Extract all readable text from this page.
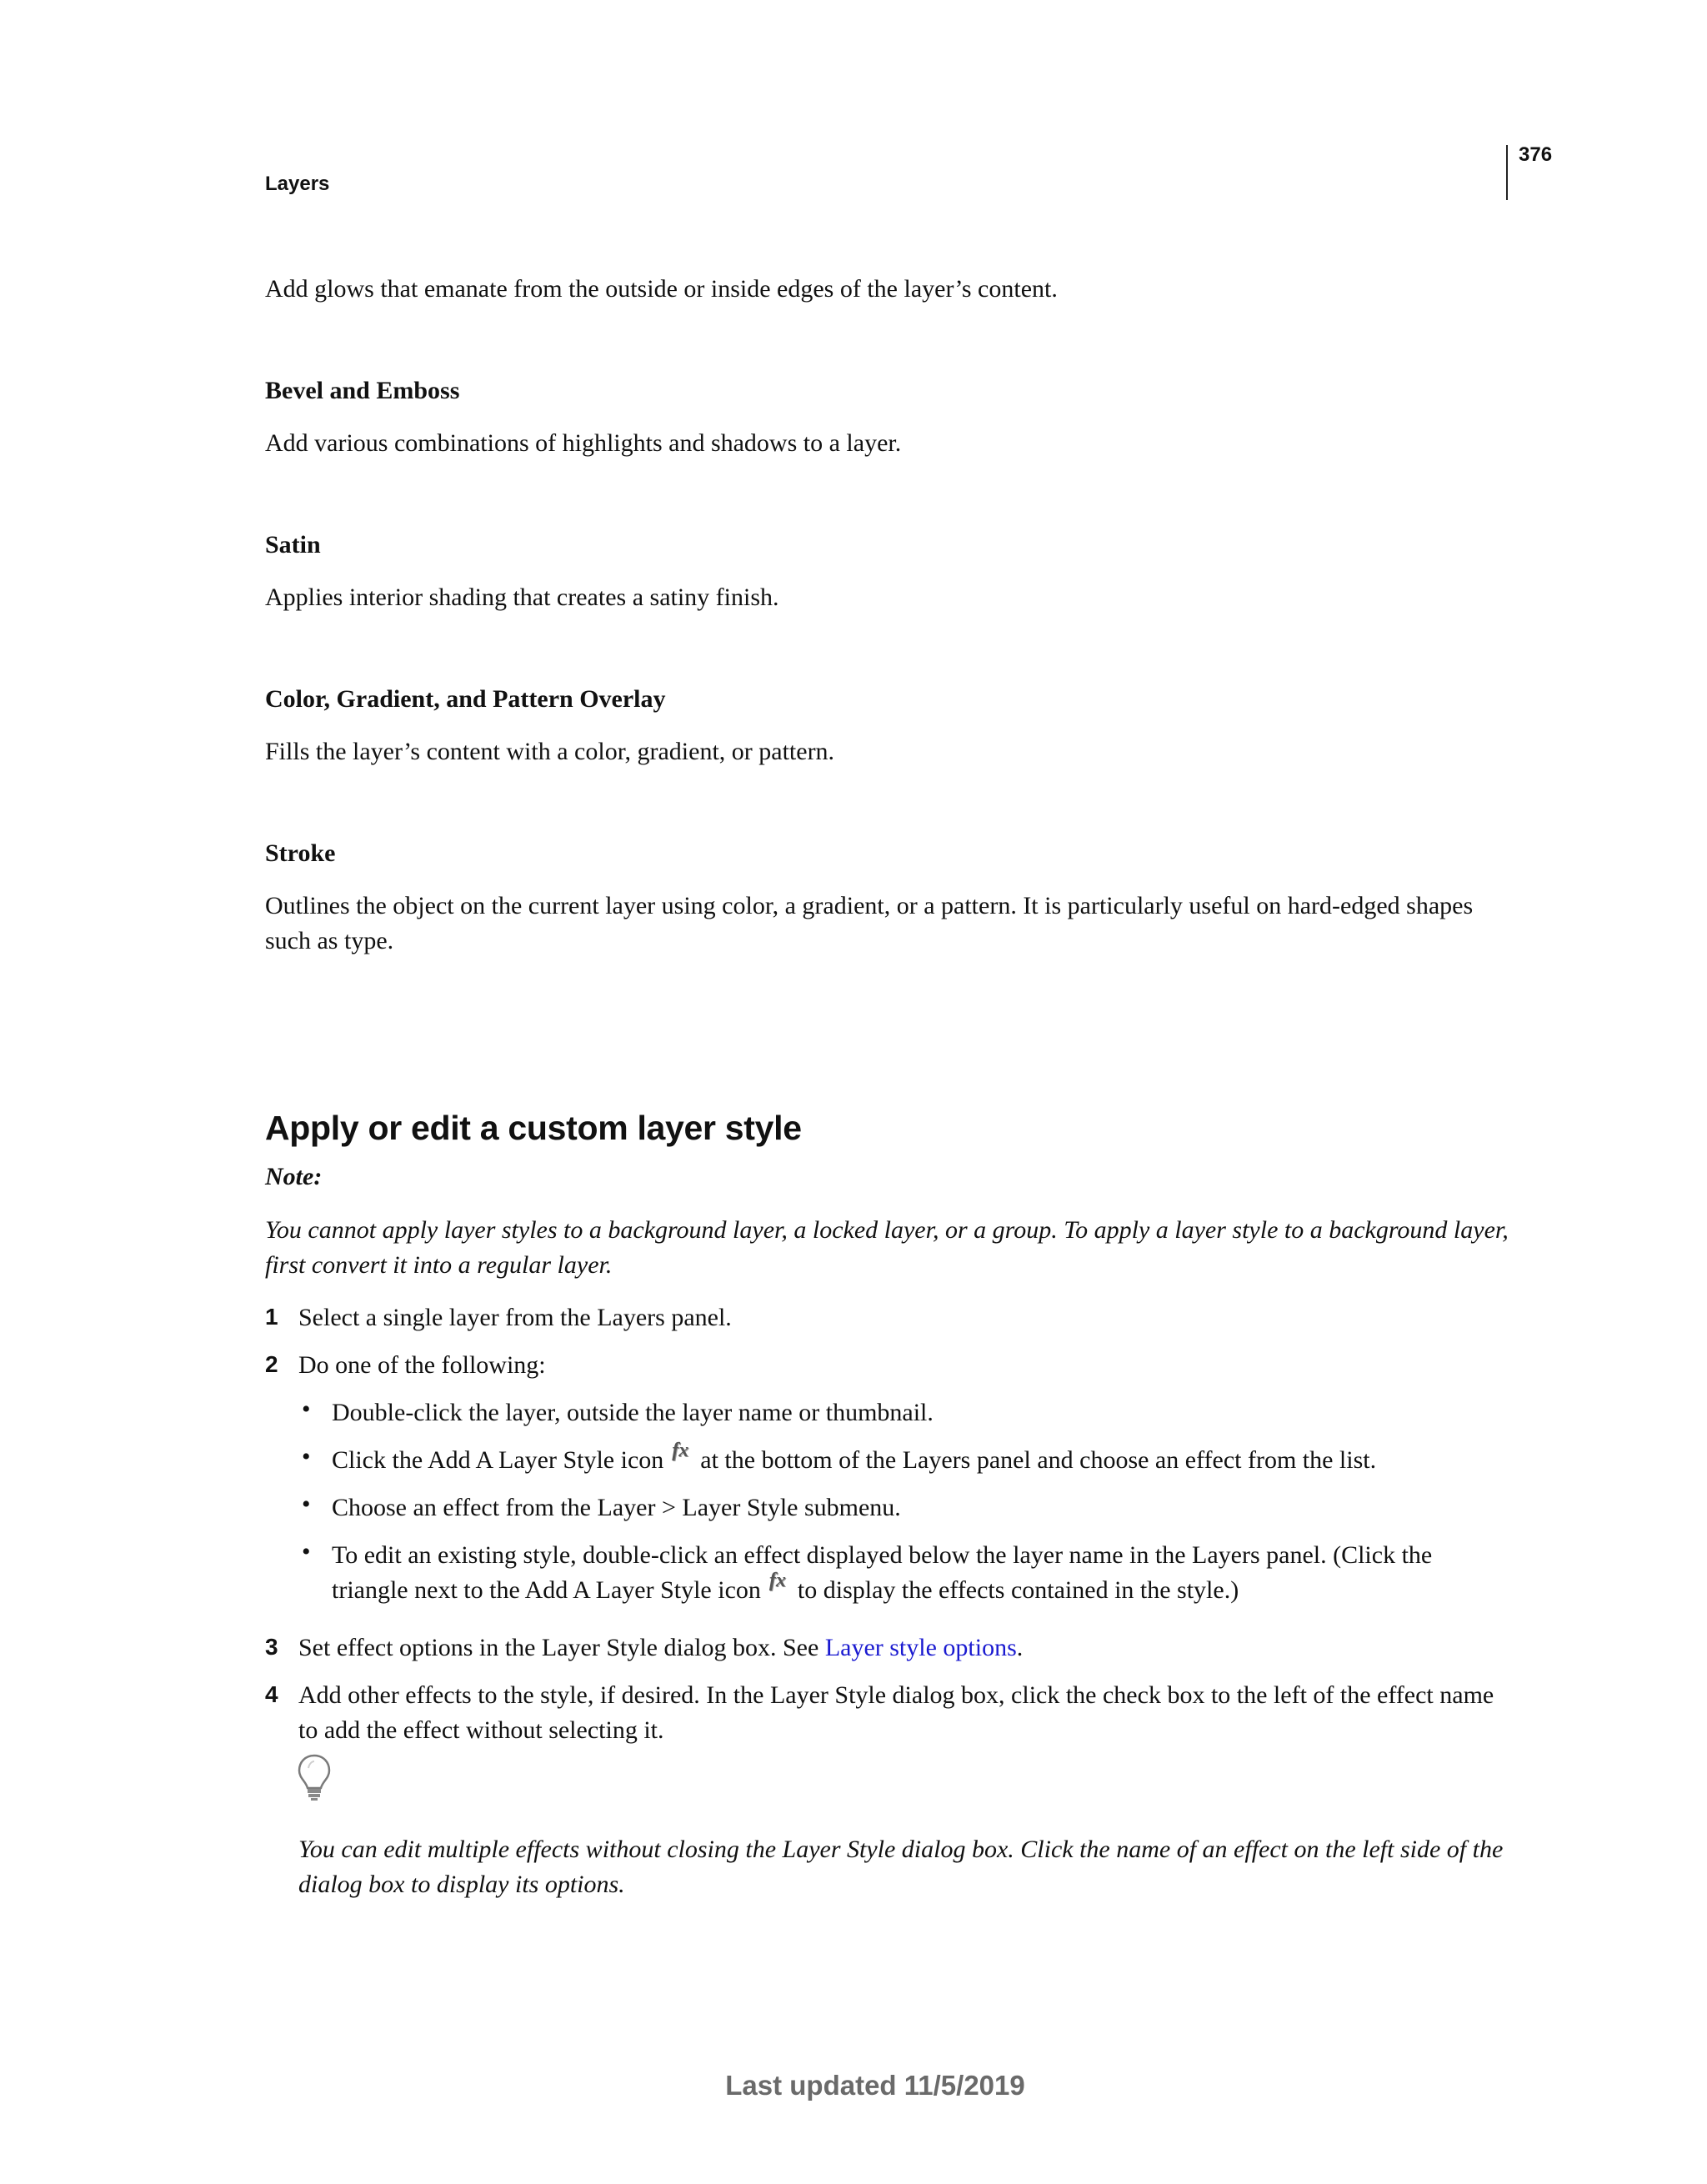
376
Layers
Add glows that emanate from the outside or inside edges of the layer’s content.
Bevel and Emboss
Add various combinations of highlights and shadows to a layer.
Satin
Applies interior shading that creates a satiny finish.
Color, Gradient, and Pattern Overlay
Fills the layer’s content with a color, gradient, or pattern.
Stroke
Outlines the object on the current layer using color, a gradient, or a pattern. It is particularly useful on hard-edged shapes such as type.
Apply or edit a custom layer style
Note:
You cannot apply layer styles to a background layer, a locked layer, or a group. To apply a layer style to a background layer, first convert it into a regular layer.
1 Select a single layer from the Layers panel.
2 Do one of the following:
• Double-click the layer, outside the layer name or thumbnail.
• Click the Add A Layer Style icon fx at the bottom of the Layers panel and choose an effect from the list.
• Choose an effect from the Layer > Layer Style submenu.
• To edit an existing style, double-click an effect displayed below the layer name in the Layers panel. (Click the triangle next to the Add A Layer Style icon fx to display the effects contained in the style.)
3 Set effect options in the Layer Style dialog box. See Layer style options.
4 Add other effects to the style, if desired. In the Layer Style dialog box, click the check box to the left of the effect name to add the effect without selecting it.
You can edit multiple effects without closing the Layer Style dialog box. Click the name of an effect on the left side of the dialog box to display its options.
Last updated 11/5/2019
